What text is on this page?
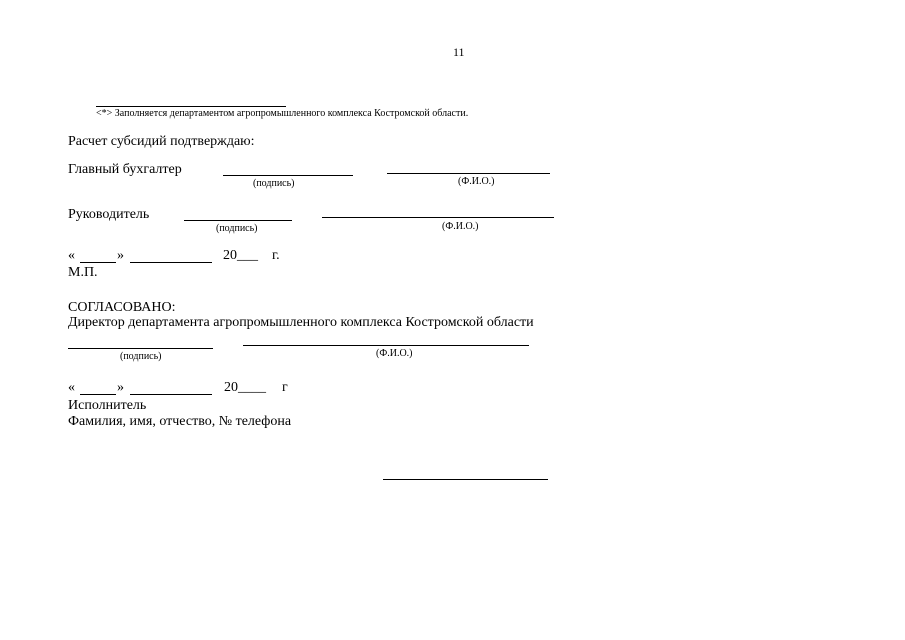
11
<*> Заполняется департаментом агропромышленного комплекса Костромской области.
Расчет субсидий подтверждаю:
Главный бухгалтер
(подпись)	(Ф.И.О.)
Руководитель
(подпись)	(Ф.И.О.)
«	»	20___ г.
М.П.
СОГЛАСОВАНО:
Директор департамента агропромышленного комплекса Костромской области
(подпись)	(Ф.И.О.)
«	»	20____ г
Исполнитель
Фамилия, имя, отчество, № телефона
